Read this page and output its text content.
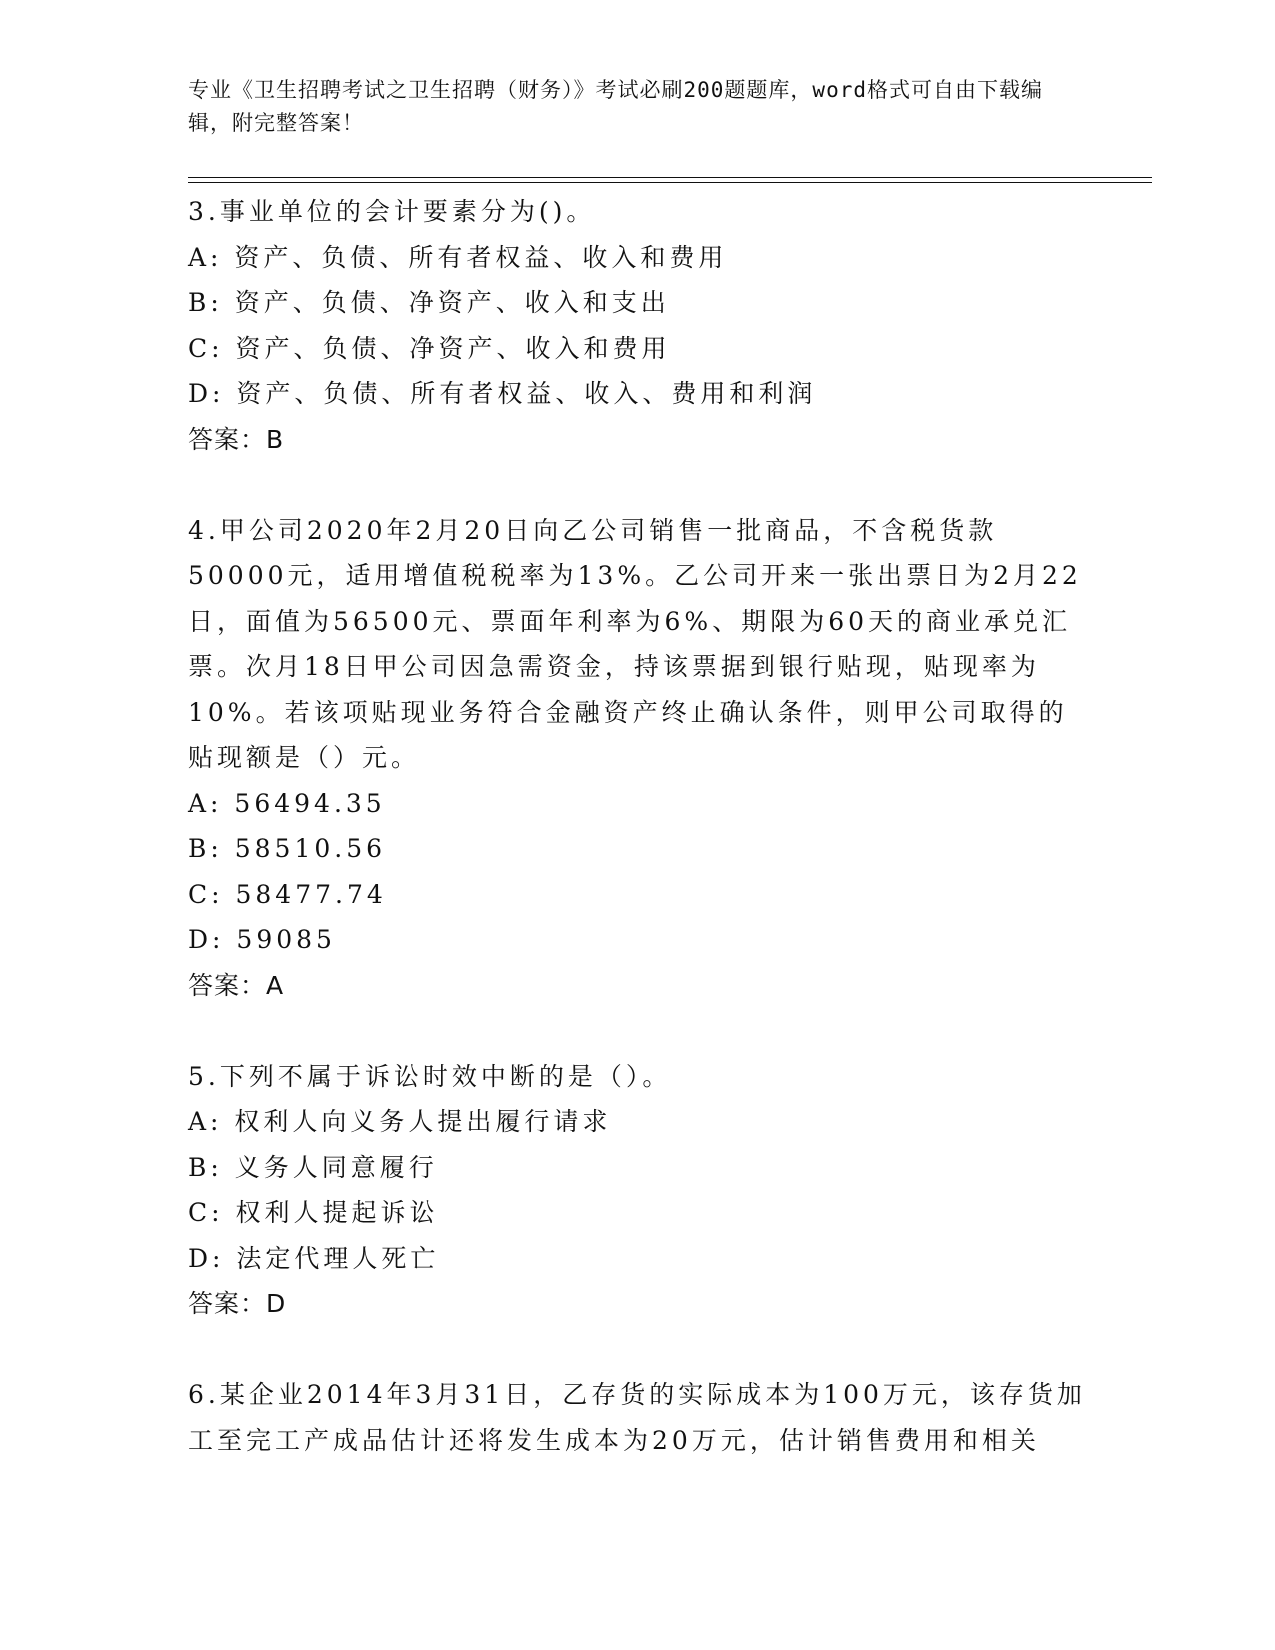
专业《卫生招聘考试之卫生招聘（财务）》考试必刷200题题库，word格式可自由下载编辑，附完整答案！
3.事业单位的会计要素分为()。
A: 资产、负债、所有者权益、收入和费用
B: 资产、负债、净资产、收入和支出
C: 资产、负债、净资产、收入和费用
D: 资产、负债、所有者权益、收入、费用和利润
答案：B
4.甲公司2020年2月20日向乙公司销售一批商品，不含税货款50000元，适用增值税税率为13%。乙公司开来一张出票日为2月22日，面值为56500元、票面年利率为6%、期限为60天的商业承兑汇票。次月18日甲公司因急需资金，持该票据到银行贴现，贴现率为10%。若该项贴现业务符合金融资产终止确认条件，则甲公司取得的贴现额是（）元。
A: 56494.35
B: 58510.56
C: 58477.74
D: 59085
答案：A
5.下列不属于诉讼时效中断的是（）。
A: 权利人向义务人提出履行请求
B: 义务人同意履行
C: 权利人提起诉讼
D: 法定代理人死亡
答案：D
6.某企业2014年3月31日，乙存货的实际成本为100万元，该存货加工至完工产成品估计还将发生成本为20万元，估计销售费用和相关
